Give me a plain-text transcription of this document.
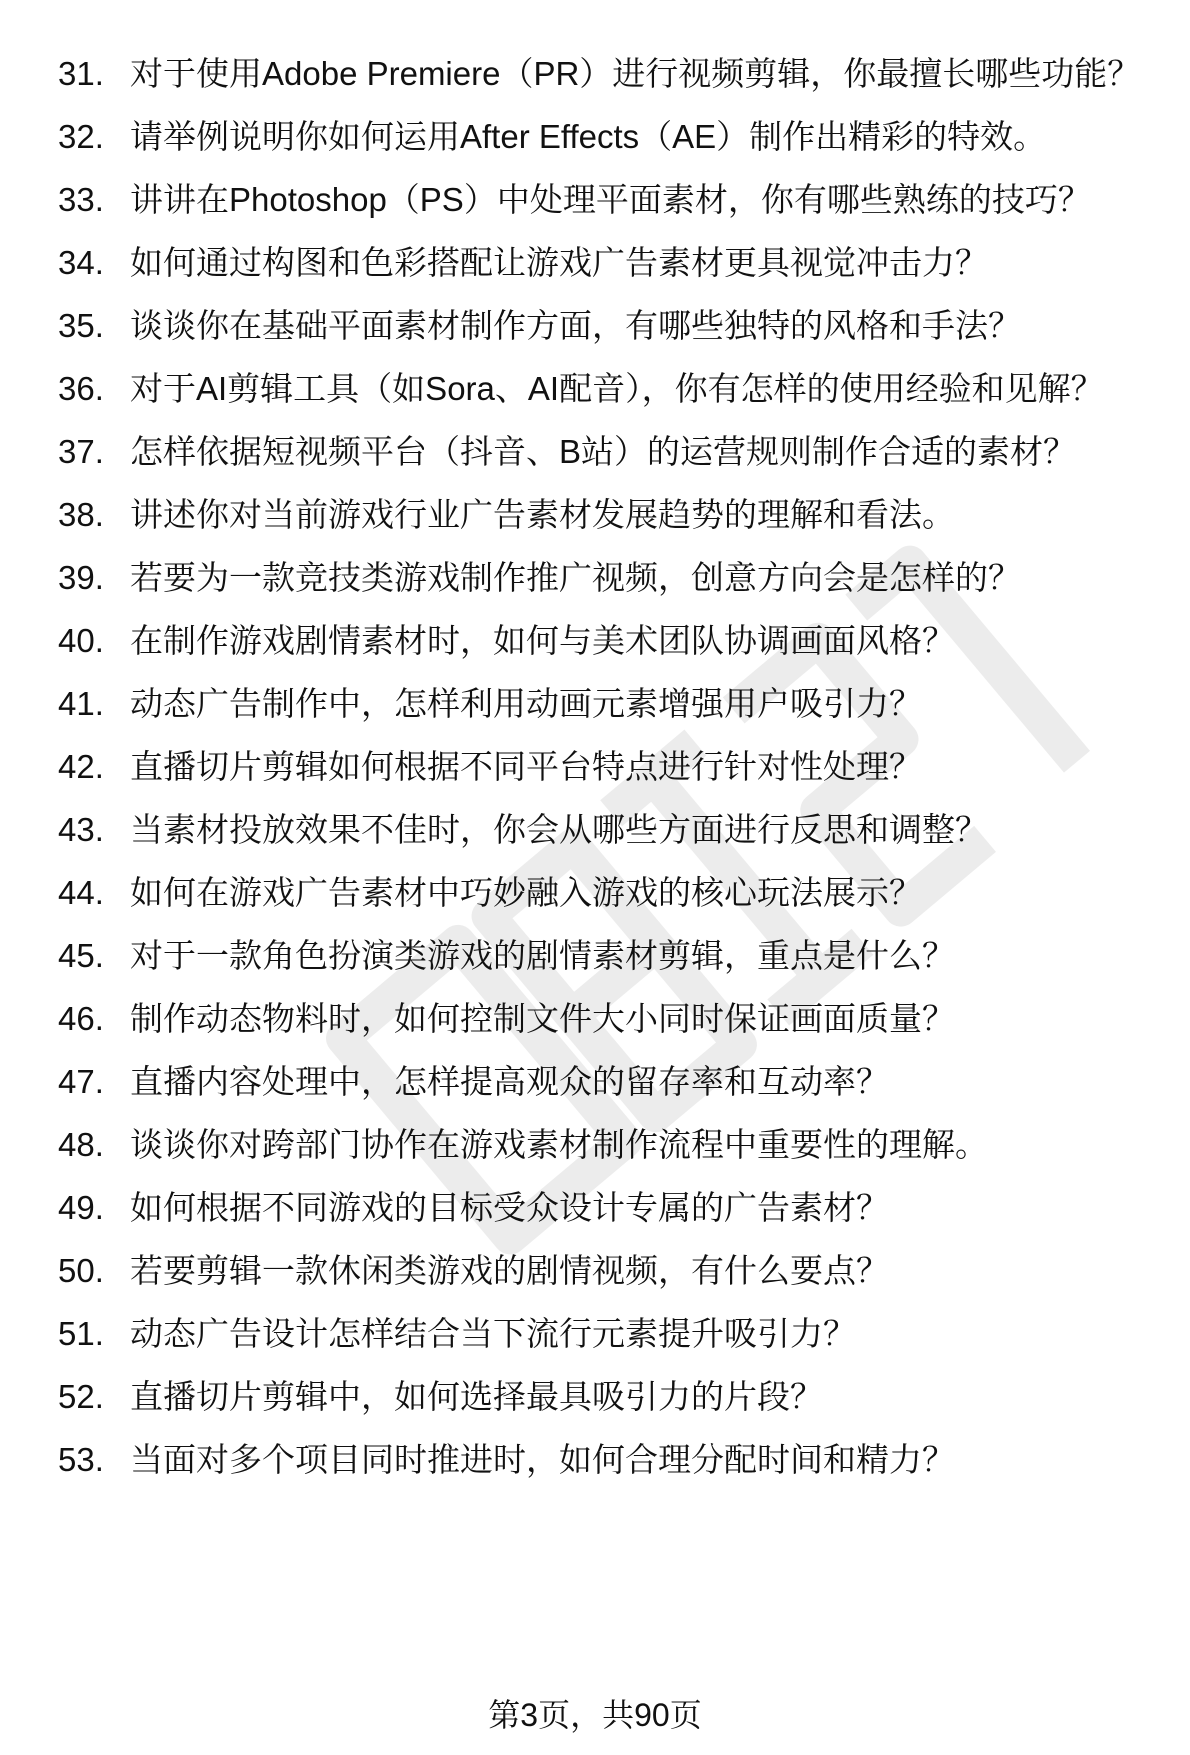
31. 对于使用Adobe Premiere（PR）进行视频剪辑，你最擅长哪些功能？
32. 请举例说明你如何运用After Effects（AE）制作出精彩的特效。
33. 讲讲在Photoshop（PS）中处理平面素材，你有哪些熟练的技巧？
34. 如何通过构图和色彩搭配让游戏广告素材更具视觉冲击力？
35. 谈谈你在基础平面素材制作方面，有哪些独特的风格和手法？
36. 对于AI剪辑工具（如Sora、AI配音），你有怎样的使用经验和见解？
37. 怎样依据短视频平台（抖音、B站）的运营规则制作合适的素材？
38. 讲述你对当前游戏行业广告素材发展趋势的理解和看法。
39. 若要为一款竞技类游戏制作推广视频，创意方向会是怎样的？
40. 在制作游戏剧情素材时，如何与美术团队协调画面风格？
41. 动态广告制作中，怎样利用动画元素增强用户吸引力？
42. 直播切片剪辑如何根据不同平台特点进行针对性处理？
43. 当素材投放效果不佳时，你会从哪些方面进行反思和调整？
44. 如何在游戏广告素材中巧妙融入游戏的核心玩法展示？
45. 对于一款角色扮演类游戏的剧情素材剪辑，重点是什么？
46. 制作动态物料时，如何控制文件大小同时保证画面质量？
47. 直播内容处理中，怎样提高观众的留存率和互动率？
48. 谈谈你对跨部门协作在游戏素材制作流程中重要性的理解。
49. 如何根据不同游戏的目标受众设计专属的广告素材？
50. 若要剪辑一款休闲类游戏的剧情视频，有什么要点？
51. 动态广告设计怎样结合当下流行元素提升吸引力？
52. 直播切片剪辑中，如何选择最具吸引力的片段？
53. 当面对多个项目同时推进时，如何合理分配时间和精力？
第3页，共90页
